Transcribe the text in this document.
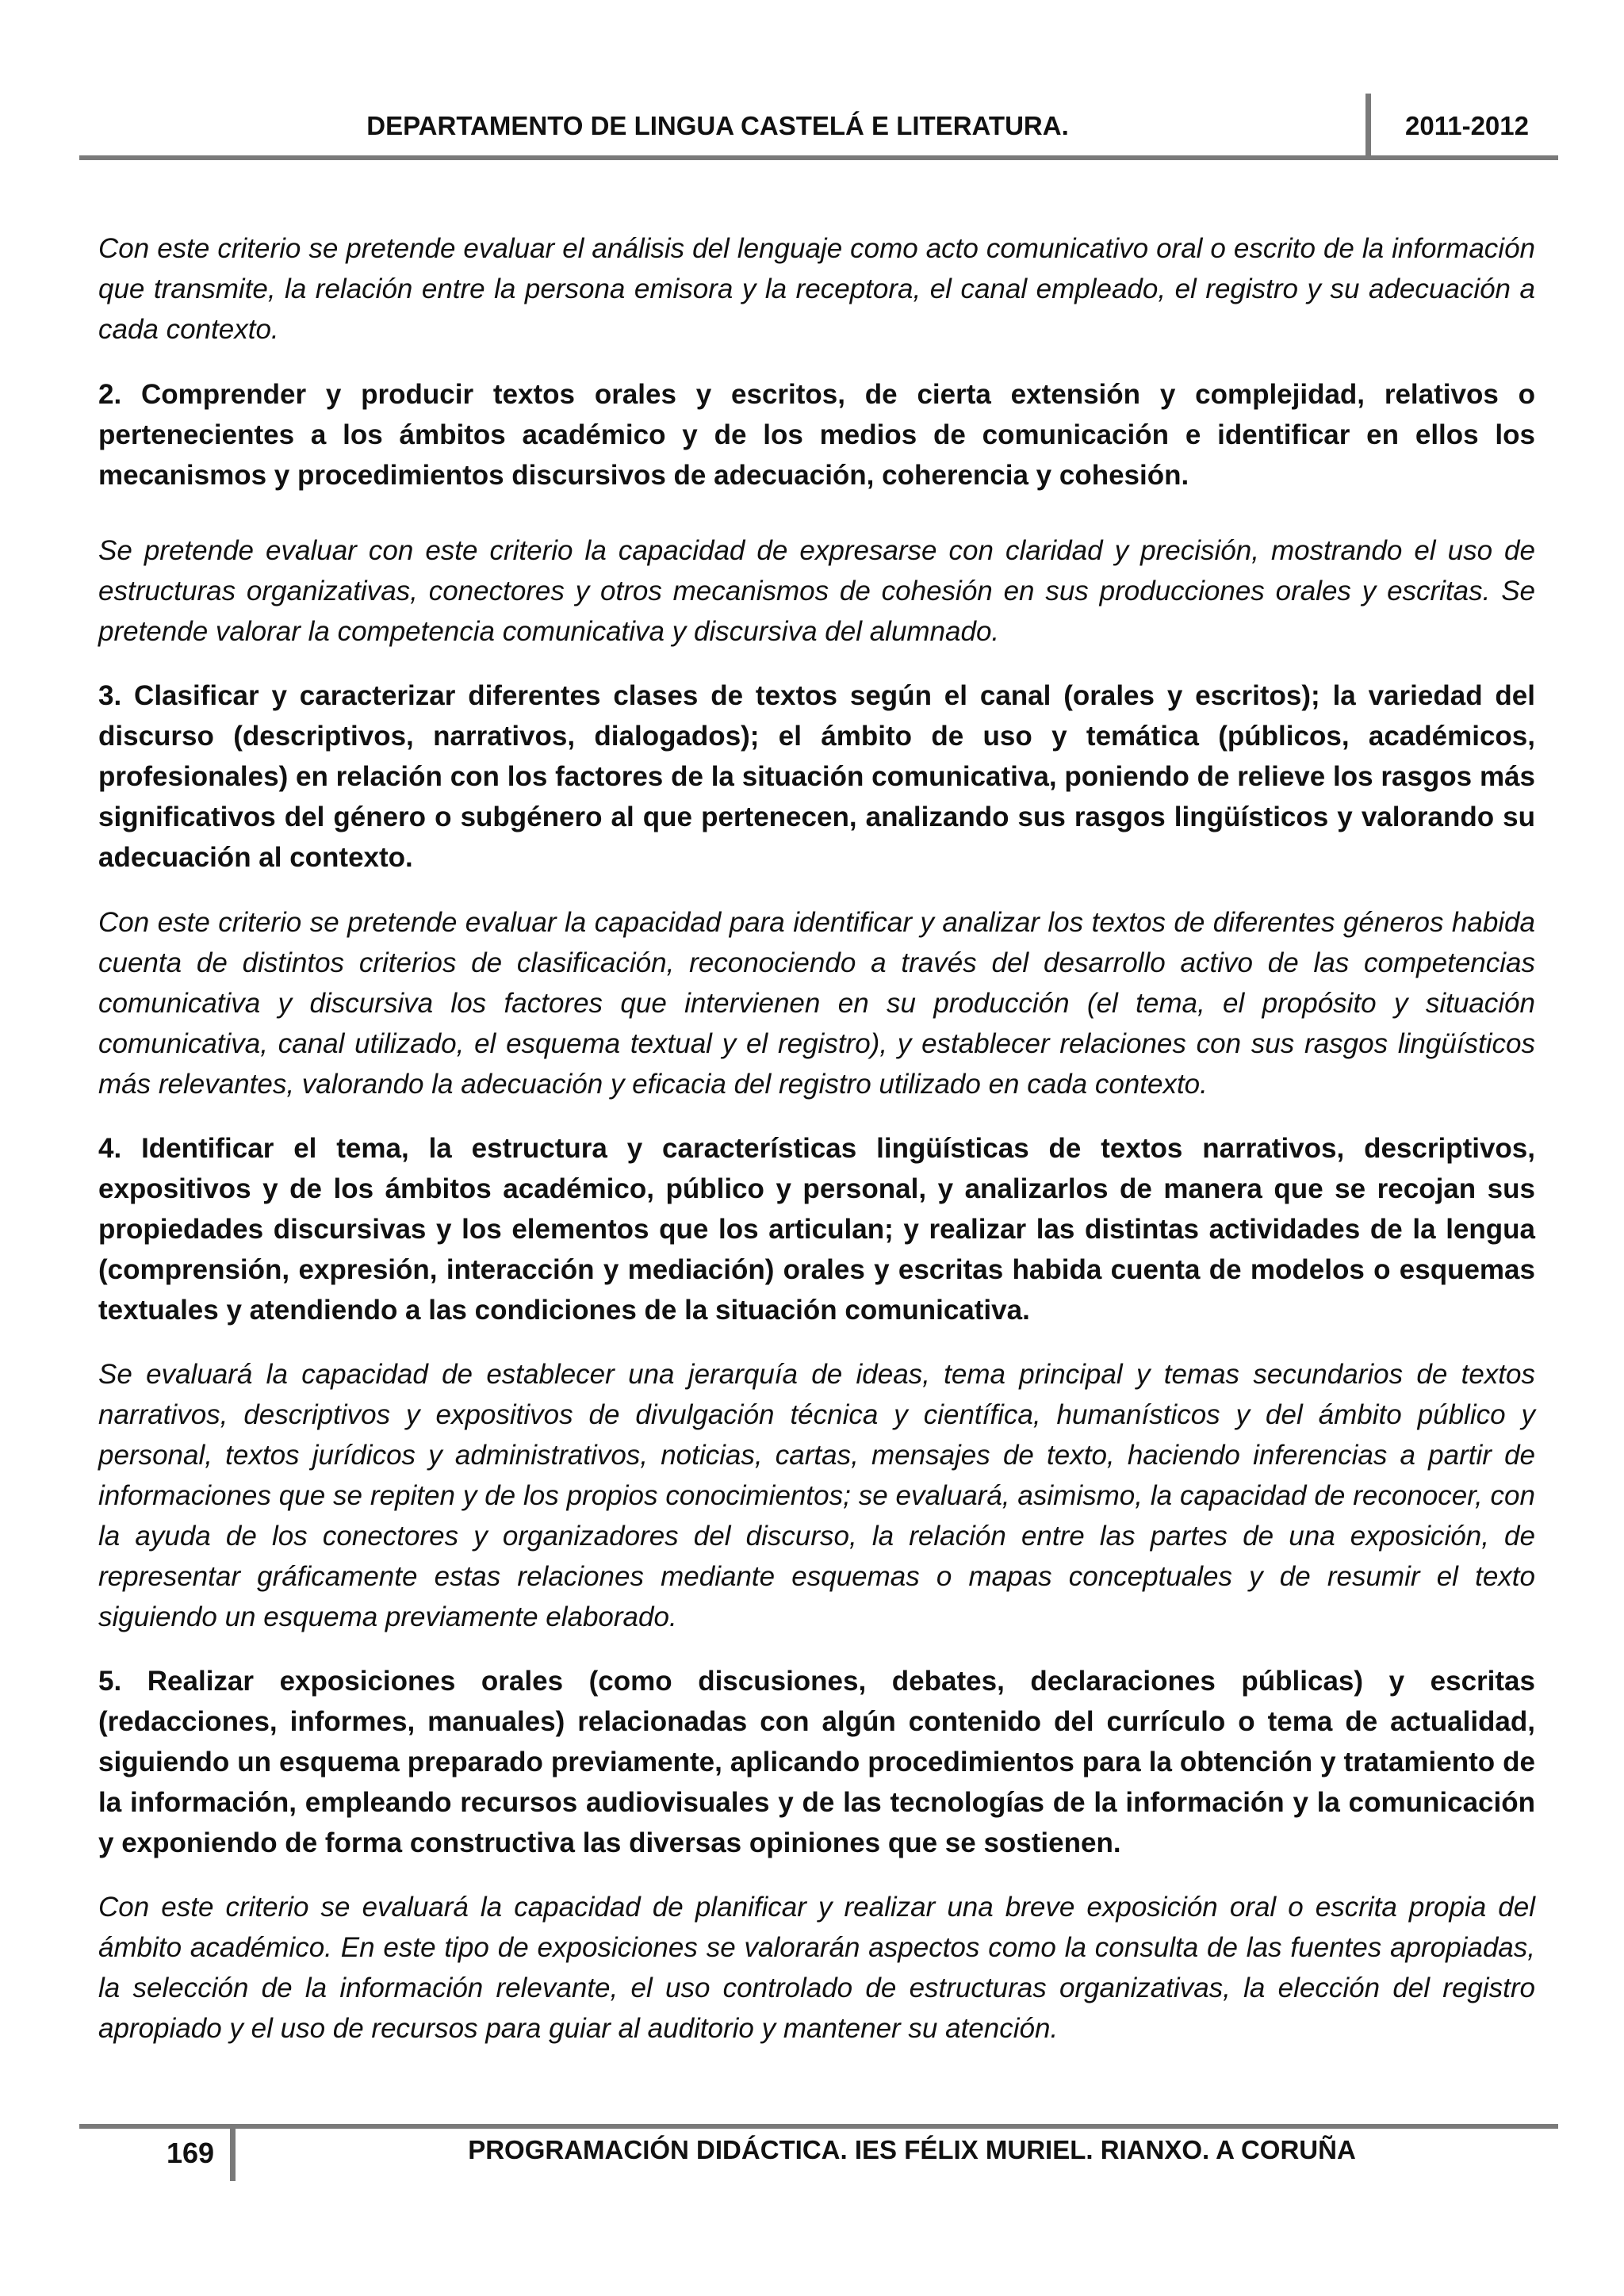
DEPARTAMENTO DE LINGUA CASTELÁ E LITERATURA.	2011-2012

Con este criterio se pretende evaluar el análisis del lenguaje como acto comunicativo oral o escrito de la información que transmite, la relación entre la persona emisora y la receptora, el canal empleado, el registro y su adecuación a cada contexto.

2. Comprender y producir textos orales y escritos, de cierta extensión y complejidad, relativos o pertenecientes a los ámbitos académico y de los medios de comunicación e identificar en ellos los mecanismos y procedimientos discursivos de adecuación, coherencia y cohesión.

Se pretende evaluar con este criterio la capacidad de expresarse con claridad y precisión, mostrando el uso de estructuras organizativas, conectores y otros mecanismos de cohesión en sus producciones orales y escritas. Se pretende valorar la competencia comunicativa y discursiva del alumnado.

3. Clasificar y caracterizar diferentes clases de textos según el canal (orales y escritos); la variedad del discurso (descriptivos, narrativos, dialogados); el ámbito de uso y temática (públicos, académicos, profesionales) en relación con los factores de la situación comunicativa, poniendo de relieve los rasgos más significativos del género o subgénero al que pertenecen, analizando sus rasgos lingüísticos y valorando su adecuación al contexto.

Con este criterio se pretende evaluar la capacidad para identificar y analizar los textos de diferentes géneros habida cuenta de distintos criterios de clasificación, reconociendo a través del desarrollo activo de las competencias comunicativa y discursiva los factores que intervienen en su producción (el tema, el propósito y situación comunicativa, canal utilizado, el esquema textual y el registro), y establecer relaciones con sus rasgos lingüísticos más relevantes, valorando la adecuación y eficacia del registro utilizado en cada contexto.

4. Identificar el tema, la estructura y características lingüísticas de textos narrativos, descriptivos, expositivos y de los ámbitos académico, público y personal, y analizarlos de manera que se recojan sus propiedades discursivas y los elementos que los articulan; y realizar las distintas actividades de la lengua (comprensión, expresión, interacción y mediación) orales y escritas habida cuenta de modelos o esquemas textuales y atendiendo a las condiciones de la situación comunicativa.

Se evaluará la capacidad de establecer una jerarquía de ideas, tema principal y temas secundarios de textos narrativos, descriptivos y expositivos de divulgación técnica y científica, humanísticos y del ámbito público y personal, textos jurídicos y administrativos, noticias, cartas, mensajes de texto, haciendo inferencias a partir de informaciones que se repiten y de los propios conocimientos; se evaluará, asimismo, la capacidad de reconocer, con la ayuda de los conectores y organizadores del discurso, la relación entre las partes de una exposición, de representar gráficamente estas relaciones mediante esquemas o mapas conceptuales y de resumir el texto siguiendo un esquema previamente elaborado.

5. Realizar exposiciones orales (como discusiones, debates, declaraciones públicas) y escritas (redacciones, informes, manuales) relacionadas con algún contenido del currículo o tema de actualidad, siguiendo un esquema preparado previamente, aplicando procedimientos para la obtención y tratamiento de la información, empleando recursos audiovisuales y de las tecnologías de la información y la comunicación y exponiendo de forma constructiva las diversas opiniones que se sostienen.

Con este criterio se evaluará la capacidad de planificar y realizar una breve exposición oral o escrita propia del ámbito académico. En este tipo de exposiciones se valorarán aspectos como la consulta de las fuentes apropiadas, la selección de la información relevante, el uso controlado de estructuras organizativas, la elección del registro apropiado y el uso de recursos para guiar al auditorio y mantener su atención.

169	PROGRAMACIÓN DIDÁCTICA. IES FÉLIX MURIEL. RIANXO. A CORUÑA
